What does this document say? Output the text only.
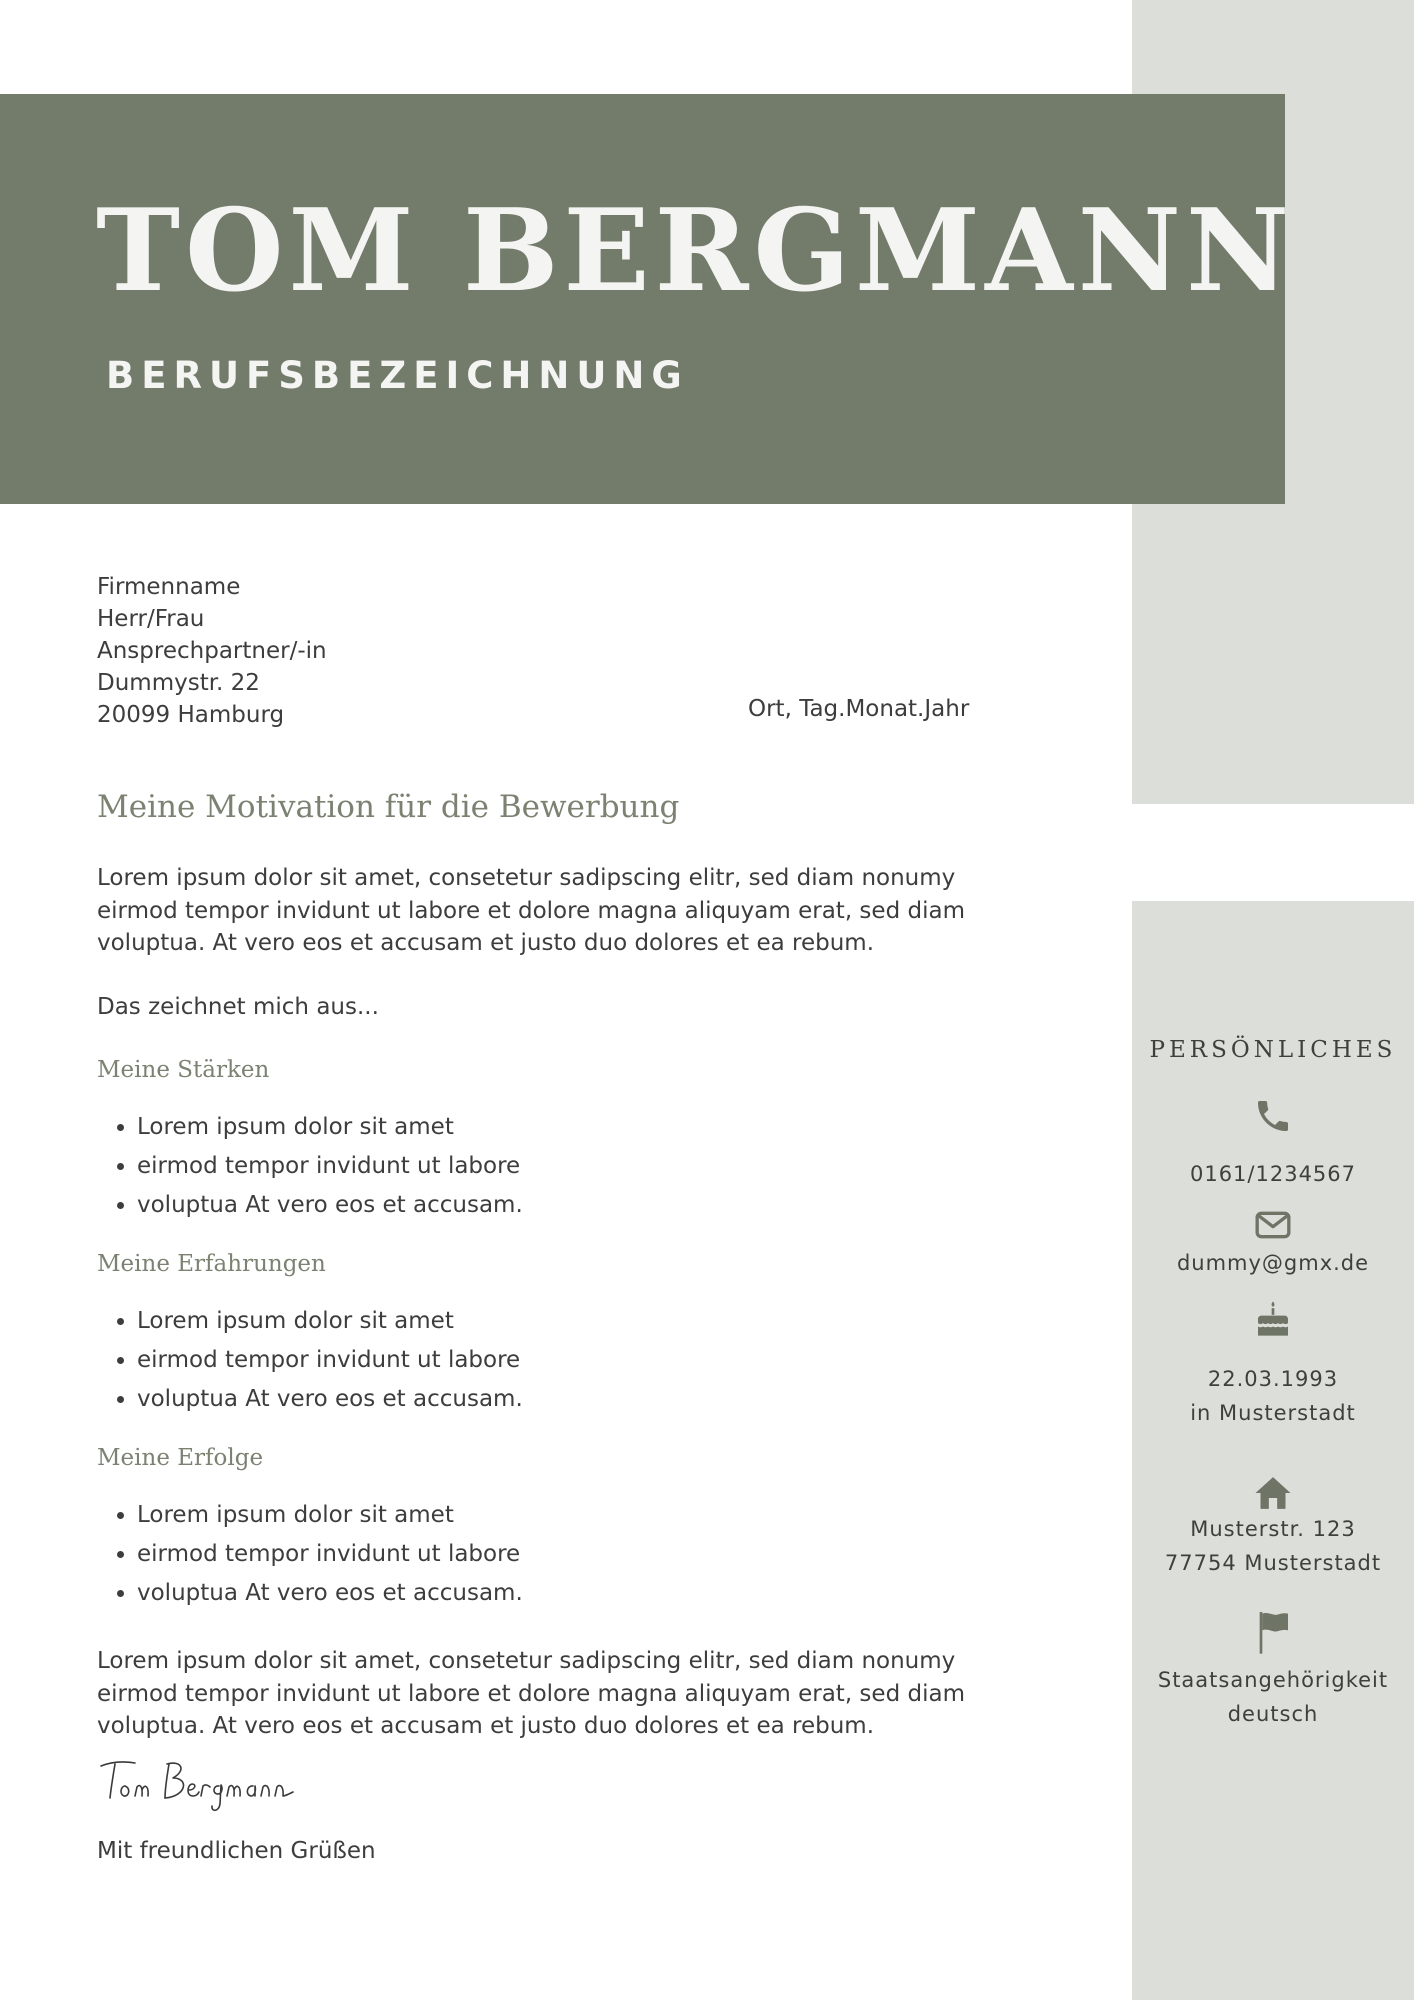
TOM BERGMANN
BERUFSBEZEICHNUNG
Firmenname
Herr/Frau
Ansprechpartner/-in
Dummystr. 22
20099 Hamburg	Ort, Tag.Monat.Jahr
Meine Motivation für die Bewerbung

Lorem ipsum dolor sit amet, consetetur sadipscing elitr, sed diam nonumy eirmod tempor invidunt ut labore et dolore magna aliquyam erat, sed diam voluptua. At vero eos et accusam et justo duo dolores et ea rebum.

Das zeichnet mich aus...

Meine Stärken
• Lorem ipsum dolor sit amet
• eirmod tempor invidunt ut labore
• voluptua At vero eos et accusam.
Meine Erfahrungen
• Lorem ipsum dolor sit amet
• eirmod tempor invidunt ut labore
• voluptua At vero eos et accusam.
Meine Erfolge
• Lorem ipsum dolor sit amet
• eirmod tempor invidunt ut labore
• voluptua At vero eos et accusam.

Lorem ipsum dolor sit amet, consetetur sadipscing elitr, sed diam nonumy eirmod tempor invidunt ut labore et dolore magna aliquyam erat, sed diam voluptua. At vero eos et accusam et justo duo dolores et ea rebum.

Mit freundlichen Grüßen
PERSÖNLICHES
0161/1234567
dummy@gmx.de
22.03.1993
in Musterstadt
Musterstr. 123
77754 Musterstadt
Staatsangehörigkeit
deutsch
